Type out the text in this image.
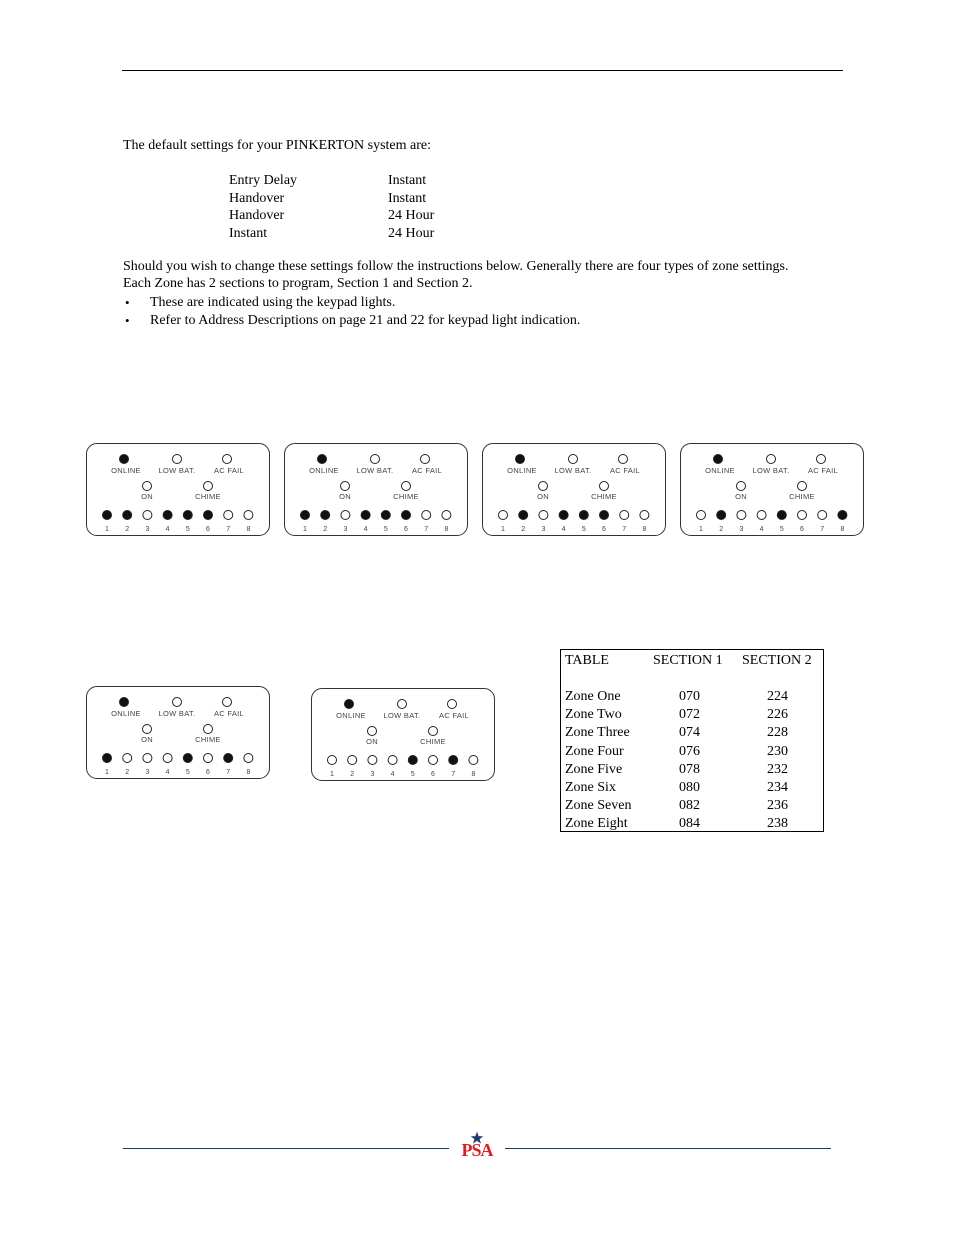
The default settings for your PINKERTON system are:
Entry Delay	Instant
Handover	Instant
Handover	24 Hour
Instant	24 Hour
Should you wish to change these settings follow the instructions below. Generally there are four types of zone settings.
Each Zone has 2 sections to program, Section 1 and Section 2.
• These are indicated using the keypad lights.
• Refer to Address Descriptions on page 21 and 22 for keypad light indication.
ONLINE LOW BAT. AC FAIL
ON	CHIME
1 2 3 4 5 6 7 8
ONLINE LOW BAT. AC FAIL
ON	CHIME
1 2 3 4 5 6 7 8
ONLINE LOW BAT. AC FAIL
ON	CHIME
1 2 3 4 5 6 7 8
ONLINE LOW BAT. AC FAIL
ON	CHIME
1 2 3 4 5 6 7 8
ONLINE LOW BAT. AC FAIL
ON	CHIME
1 2 3 4 5 6 7 8
ONLINE LOW BAT. AC FAIL
ON	CHIME
1 2 3 4 5 6 7 8
TABLE	SECTION 1 SECTION 2
Zone One	070	224
Zone Two	072	226
Zone Three	074	228
Zone Four	076	230
Zone Five	078	232
Zone Six	080	234
Zone Seven	082	236
Zone Eight	084	238
PSA
